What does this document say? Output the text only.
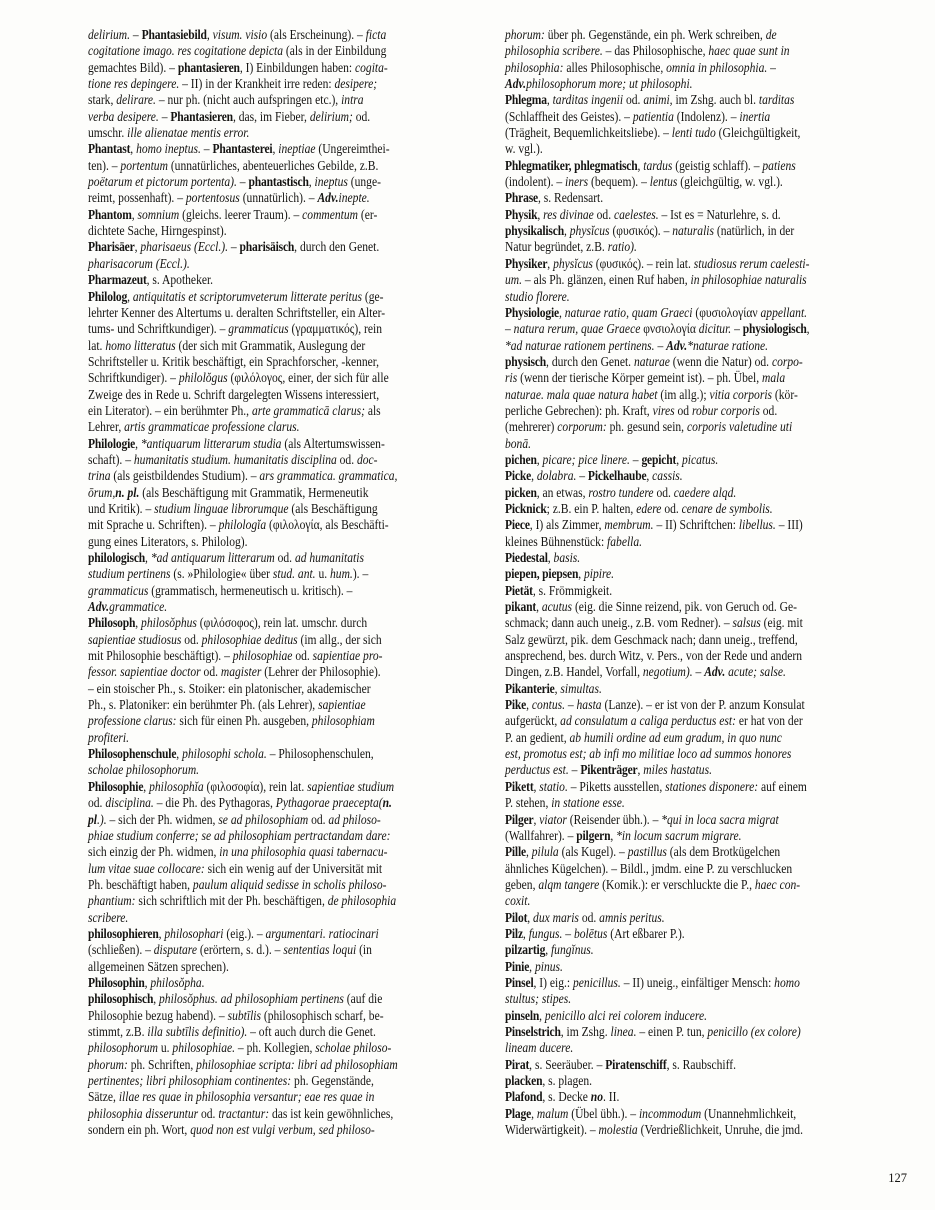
delirium. – Phantasiebild, visum. visio (als Erscheinung). – ficta
cogitatione imago. res cogitatione depicta (als in der Einbildung
gemachtes Bild). – phantasieren, I) Einbildungen haben: cogita-
tione res depingere. – II) in der Krankheit irre reden: desipere;
stark, delirare. – nur ph. (nicht auch aufspringen etc.), intra
verba desipere. – Phantasieren, das, im Fieber, delirium; od.
umschr. ille alienatae mentis error.
Phantast, homo ineptus. – Phantasterei, ineptiae (Ungereimthei-
ten). – portentum (unnatürliches, abenteuerliches Gebilde, z.B.
poëtarum et pictorum portenta). – phantastisch, ineptus (unge-
reimt, possenhaft). – portentosus (unnatürlich). – Adv.inepte.
Phantom, somnium (gleichs. leerer Traum). – commentum (er-
dichtete Sache, Hirngespinst).
Pharisäer, pharisaeus (Eccl.). – pharisäisch, durch den Genet.
pharisacorum (Eccl.).
Pharmazeut, s. Apotheker.
Philolog, antiquitatis et scriptorumveterum litterate peritus (ge-
lehrter Kenner des Altertums u. deralten Schriftsteller, ein Alter-
tums- und Schriftkundiger). – grammaticus (γραμματικός), rein
lat. homo litteratus (der sich mit Grammatik, Auslegung der
Schriftsteller u. Kritik beschäftigt, ein Sprachforscher, -kenner,
Schriftkundiger). – philolŏgus (φιλόλογος, einer, der sich für alle
Zweige des in Rede u. Schrift dargelegten Wissens interessiert,
ein Literator). – ein berühmter Ph., arte grammaticā clarus; als
Lehrer, artis grammaticae professione clarus.
Philologie, *antiquarum litterarum studia (als Altertumswissen-
schaft). – humanitatis studium. humanitatis disciplina od. doc-
trina (als geistbildendes Studium). – ars grammatica. grammatica,
ōrum,n. pl. (als Beschäftigung mit Grammatik, Hermeneutik
und Kritik). – studium linguae librorumque (als Beschäftigung
mit Sprache u. Schriften). – philologĭa (φιλολογία, als Beschäfti-
gung eines Literators, s. Philolog).
philologisch, *ad antiquarum litterarum od. ad humanitatis
studium pertinens (s. »Philologie« über stud. ant. u. hum.). –
grammaticus (grammatisch, hermeneutisch u. kritisch). –
Adv.grammatice.
Philosoph, philosŏphus (φιλόσοφος), rein lat. umschr. durch
sapientiae studiosus od. philosophiae deditus (im allg., der sich
mit Philosophie beschäftigt). – philosophiae od. sapientiae pro-
fessor. sapientiae doctor od. magister (Lehrer der Philosophie).
– ein stoischer Ph., s. Stoiker: ein platonischer, akademischer
Ph., s. Platoniker: ein berühmter Ph. (als Lehrer), sapientiae
professione clarus: sich für einen Ph. ausgeben, philosophiam
profiteri.
Philosophenschule, philosophi schola. – Philosophenschulen,
scholae philosophorum.
Philosophie, philosophĭa (φιλοσοφία), rein lat. sapientiae studium
od. disciplina. – die Ph. des Pythagoras, Pythagorae praecepta(n.
pl.). – sich der Ph. widmen, se ad philosophiam od. ad philoso-
phiae studium conferre; se ad philosophiam pertractandam dare:
sich einzig der Ph. widmen, in una philosophia quasi tabernacu-
lum vitae suae collocare: sich ein wenig auf der Universität mit
Ph. beschäftigt haben, paulum aliquid sedisse in scholis philoso-
phantium: sich schriftlich mit der Ph. beschäftigen, de philosophia
scribere.
philosophieren, philosophari (eig.). – argumentari. ratiocinari
(schließen). – disputare (erörtern, s. d.). – sententias loqui (in
allgemeinen Sätzen sprechen).
Philosophin, philosŏpha.
philosophisch, philosŏphus. ad philosophiam pertinens (auf die
Philosophie bezug habend). – subtīlis (philosophisch scharf, be-
stimmt, z.B. illa subtīlis definitio). – oft auch durch die Genet.
philosophorum u. philosophiae. – ph. Kollegien, scholae philoso-
phorum: ph. Schriften, philosophiae scripta: libri ad philosophiam
pertinentes; libri philosophiam continentes: ph. Gegenstände,
Sätze, illae res quae in philosophia versantur; eae res quae in
philosophia disseruntur od. tractantur: das ist kein gewöhnliches,
sondern ein ph. Wort, quod non est vulgi verbum, sed philoso-
phorum: über ph. Gegenstände, ein ph. Werk schreiben, de
philosophia scribere. – das Philosophische, haec quae sunt in
philosophia: alles Philosophische, omnia in philosophia. –
Adv.philosophorum more; ut philosophi.
Phlegma, tarditas ingenii od. animi, im Zshg. auch bl. tarditas
(Schlaffheit des Geistes). – patientia (Indolenz). – inertia
(Trägheit, Bequemlichkeitsliebe). – lenti tudo (Gleichgültigkeit,
w. vgl.).
Phlegmatiker, phlegmatisch, tardus (geistig schlaff). – patiens
(indolent). – iners (bequem). – lentus (gleichgültig, w. vgl.).
Phrase, s. Redensart.
Physik, res divinae od. caelestes. – Ist es = Naturlehre, s. d.
physikalisch, physĭcus (φυσικός). – naturalis (natürlich, in der
Natur begründet, z.B. ratio).
Physiker, physĭcus (φυσικός). – rein lat. studiosus rerum caelesti-
um. – als Ph. glänzen, einen Ruf haben, in philosophiae naturalis
studio florere.
Physiologie, naturae ratio, quam Graeci (φυσιολογίαν appellant.
– natura rerum, quae Graece φνσιολογία dicitur. – physiologisch,
*ad naturae rationem pertinens. – Adv.*naturae ratione.
physisch, durch den Genet. naturae (wenn die Natur) od. corpo-
ris (wenn der tierische Körper gemeint ist). – ph. Übel, mala
naturae. mala quae natura habet (im allg.); vitia corporis (kör-
perliche Gebrechen): ph. Kraft, vires od robur corporis od.
(mehrerer) corporum: ph. gesund sein, corporis valetudine uti
bonā.
pichen, picare; pice linere. – gepicht, picatus.
Picke, dolabra. – Pickelhaube, cassis.
picken, an etwas, rostro tundere od. caedere alqd.
Picknick; z.B. ein P. halten, edere od. cenare de symbolis.
Piece, I) als Zimmer, membrum. – II) Schriftchen: libellus. – III)
kleines Bühnenstück: fabella.
Piedestal, basis.
piepen, piepsen, pipire.
Pietät, s. Frömmigkeit.
pikant, acutus (eig. die Sinne reizend, pik. von Geruch od. Ge-
schmack; dann auch uneig., z.B. vom Redner). – salsus (eig. mit
Salz gewürzt, pik. dem Geschmack nach; dann uneig., treffend,
ansprechend, bes. durch Witz, v. Pers., von der Rede und andern
Dingen, z.B. Handel, Vorfall, negotium). – Adv. acute; salse.
Pikanterie, simultas.
Pike, contus. – hasta (Lanze). – er ist von der P. anzum Konsulat
aufgerückt, ad consulatum a caliga perductus est: er hat von der
P. an gedient, ab humili ordine ad eum gradum, in quo nunc
est, promotus est; ab infi mo militiae loco ad summos honores
perductus est. – Pikenträger, miles hastatus.
Pikett, statio. – Piketts ausstellen, stationes disponere: auf einem
P. stehen, in statione esse.
Pilger, viator (Reisender übh.). – *qui in loca sacra migrat
(Wallfahrer). – pilgern, *in locum sacrum migrare.
Pille, pilula (als Kugel). – pastillus (als dem Brotkügelchen
ähnliches Kügelchen). – Bildl., jmdm. eine P. zu verschlucken
geben, alqm tangere (Komik.): er verschluckte die P., haec con-
coxit.
Pilot, dux maris od. amnis peritus.
Pilz, fungus. – bolētus (Art eßbarer P.).
pilzartig, fungĭnus.
Pinie, pinus.
Pinsel, I) eig.: penicillus. – II) uneig., einfältiger Mensch: homo
stultus; stipes.
pinseln, penicillo alci rei colorem inducere.
Pinselstrich, im Zshg. linea. – einen P. tun, penicillo (ex colore)
lineam ducere.
Pirat, s. Seeräuber. – Piratenschiff, s. Raubschiff.
placken, s. plagen.
Plafond, s. Decke no. II.
Plage, malum (Übel übh.). – incommodum (Unannehmlichkeit,
Widerwärtigkeit). – molestia (Verdrießlichkeit, Unruhe, die jmd.
127
